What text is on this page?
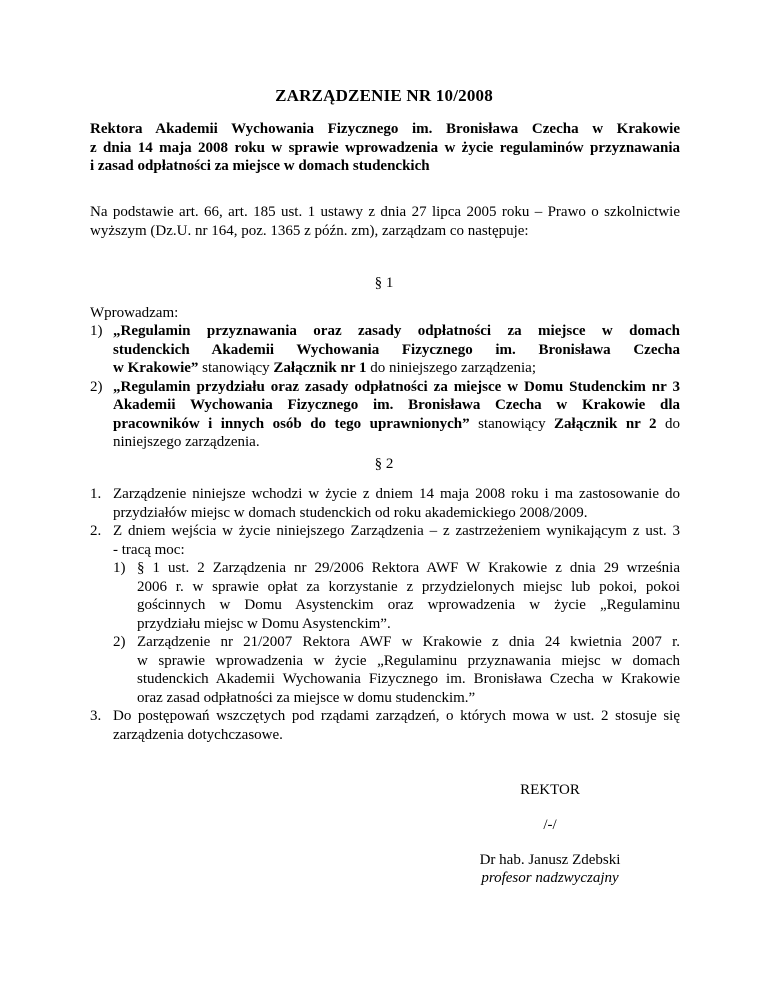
ZARZĄDZENIE NR 10/2008
Rektora Akademii Wychowania Fizycznego im. Bronisława Czecha w Krakowie
z dnia 14 maja 2008 roku w sprawie wprowadzenia w życie regulaminów przyznawania
i zasad odpłatności za miejsce w domach studenckich
Na podstawie art. 66, art. 185 ust. 1 ustawy z dnia 27 lipca 2005 roku – Prawo o szkolnictwie
wyższym (Dz.U. nr 164, poz. 1365 z późn. zm), zarządzam co następuje:
§ 1
Wprowadzam:
1) „Regulamin przyznawania oraz zasady odpłatności za miejsce w domach
studenckich Akademii Wychowania Fizycznego im. Bronisława Czecha
w Krakowie” stanowiący Załącznik nr 1 do niniejszego zarządzenia;
2) „Regulamin przydziału oraz zasady odpłatności za miejsce w Domu Studenckim nr 3
Akademii Wychowania Fizycznego im. Bronisława Czecha w Krakowie dla
pracowników i innych osób do tego uprawnionych” stanowiący Załącznik nr 2 do
niniejszego zarządzenia.
§ 2
1. Zarządzenie niniejsze wchodzi w życie z dniem 14 maja 2008 roku i ma zastosowanie do
przydziałów miejsc w domach studenckich od roku akademickiego 2008/2009.
2. Z dniem wejścia w życie niniejszego Zarządzenia – z zastrzeżeniem wynikającym z ust. 3
- tracą moc:
1) § 1 ust. 2 Zarządzenia nr 29/2006 Rektora AWF W Krakowie z dnia 29 września
2006 r. w sprawie opłat za korzystanie z przydzielonych miejsc lub pokoi, pokoi
gościnnych w Domu Asystenckim oraz wprowadzenia w życie „Regulaminu
przydziału miejsc w Domu Asystenckim”.
2) Zarządzenie nr 21/2007 Rektora AWF w Krakowie z dnia 24 kwietnia 2007 r.
w sprawie wprowadzenia w życie „Regulaminu przyznawania miejsc w domach
studenckich Akademii Wychowania Fizycznego im. Bronisława Czecha w Krakowie
oraz zasad odpłatności za miejsce w domu studenckim.”
3. Do postępowań wszczętych pod rządami zarządzeń, o których mowa w ust. 2 stosuje się
zarządzenia dotychczasowe.
REKTOR
/-/
Dr hab. Janusz Zdebski
profesor nadzwyczajny
